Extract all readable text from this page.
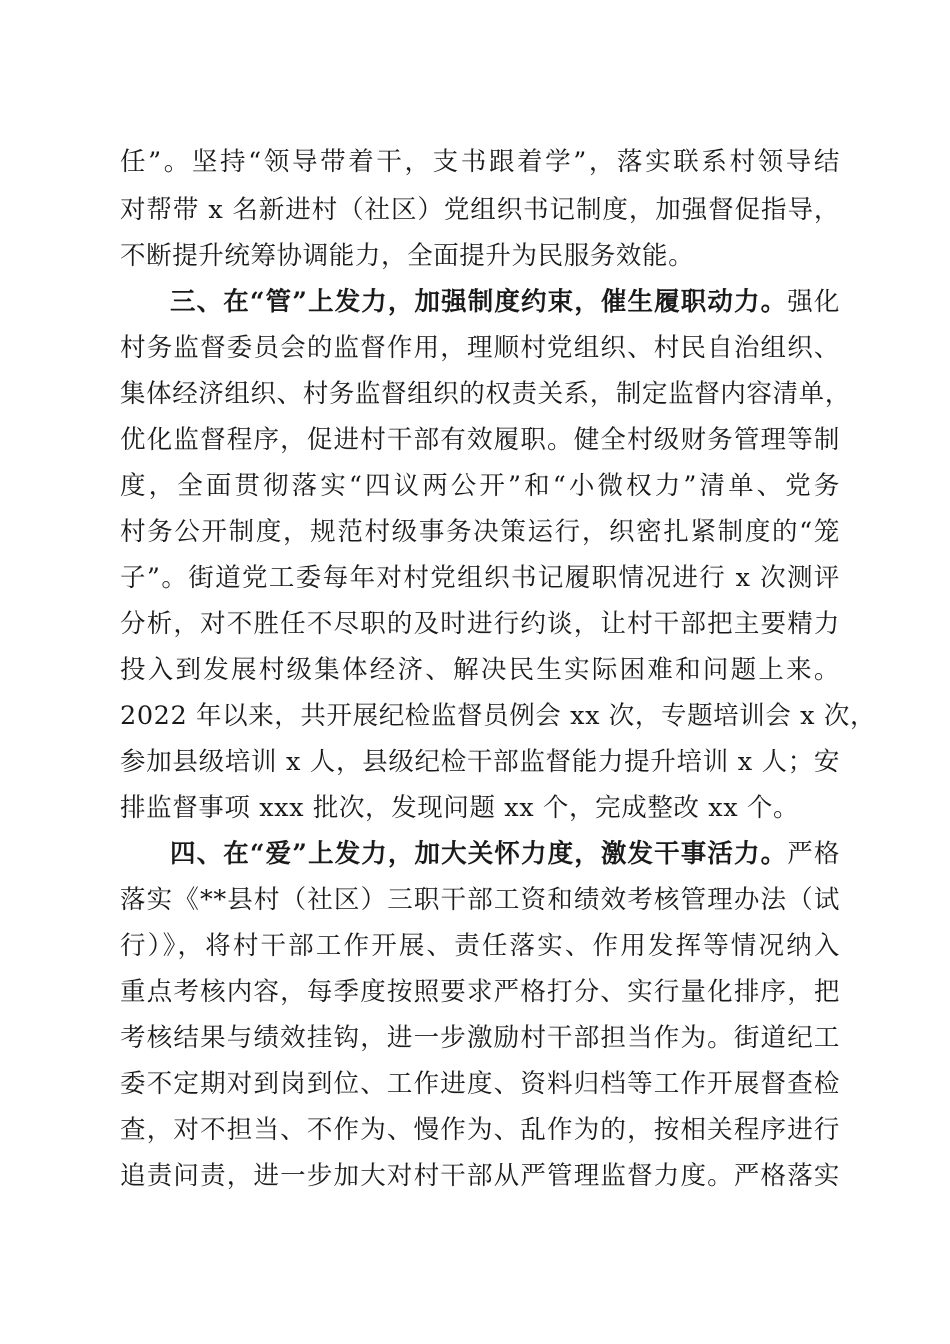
任”。坚持“领导带着干，支书跟着学”，落实联系村领导结
对帮带 x 名新进村（社区）党组织书记制度，加强督促指导，
不断提升统筹协调能力，全面提升为民服务效能。
三、在“管”上发力，加强制度约束，催生履职动力。强化
村务监督委员会的监督作用，理顺村党组织、村民自治组织、
集体经济组织、村务监督组织的权责关系，制定监督内容清单，
优化监督程序，促进村干部有效履职。健全村级财务管理等制
度，全面贯彻落实“四议两公开”和“小微权力”清单、党务
村务公开制度，规范村级事务决策运行，织密扎紧制度的“笼
子”。街道党工委每年对村党组织书记履职情况进行 x 次测评
分析，对不胜任不尽职的及时进行约谈，让村干部把主要精力
投入到发展村级集体经济、解决民生实际困难和问题上来。
2022 年以来，共开展纪检监督员例会 xx 次，专题培训会 x 次，
参加县级培训 x 人，县级纪检干部监督能力提升培训 x 人；安
排监督事项 xxx 批次，发现问题 xx 个，完成整改 xx 个。
四、在“爱”上发力，加大关怀力度，激发干事活力。严格
落实《**县村（社区）三职干部工资和绩效考核管理办法（试
行）》，将村干部工作开展、责任落实、作用发挥等情况纳入
重点考核内容，每季度按照要求严格打分、实行量化排序，把
考核结果与绩效挂钩，进一步激励村干部担当作为。街道纪工
委不定期对到岗到位、工作进度、资料归档等工作开展督查检
查，对不担当、不作为、慢作为、乱作为的，按相关程序进行
追责问责，进一步加大对村干部从严管理监督力度。严格落实
